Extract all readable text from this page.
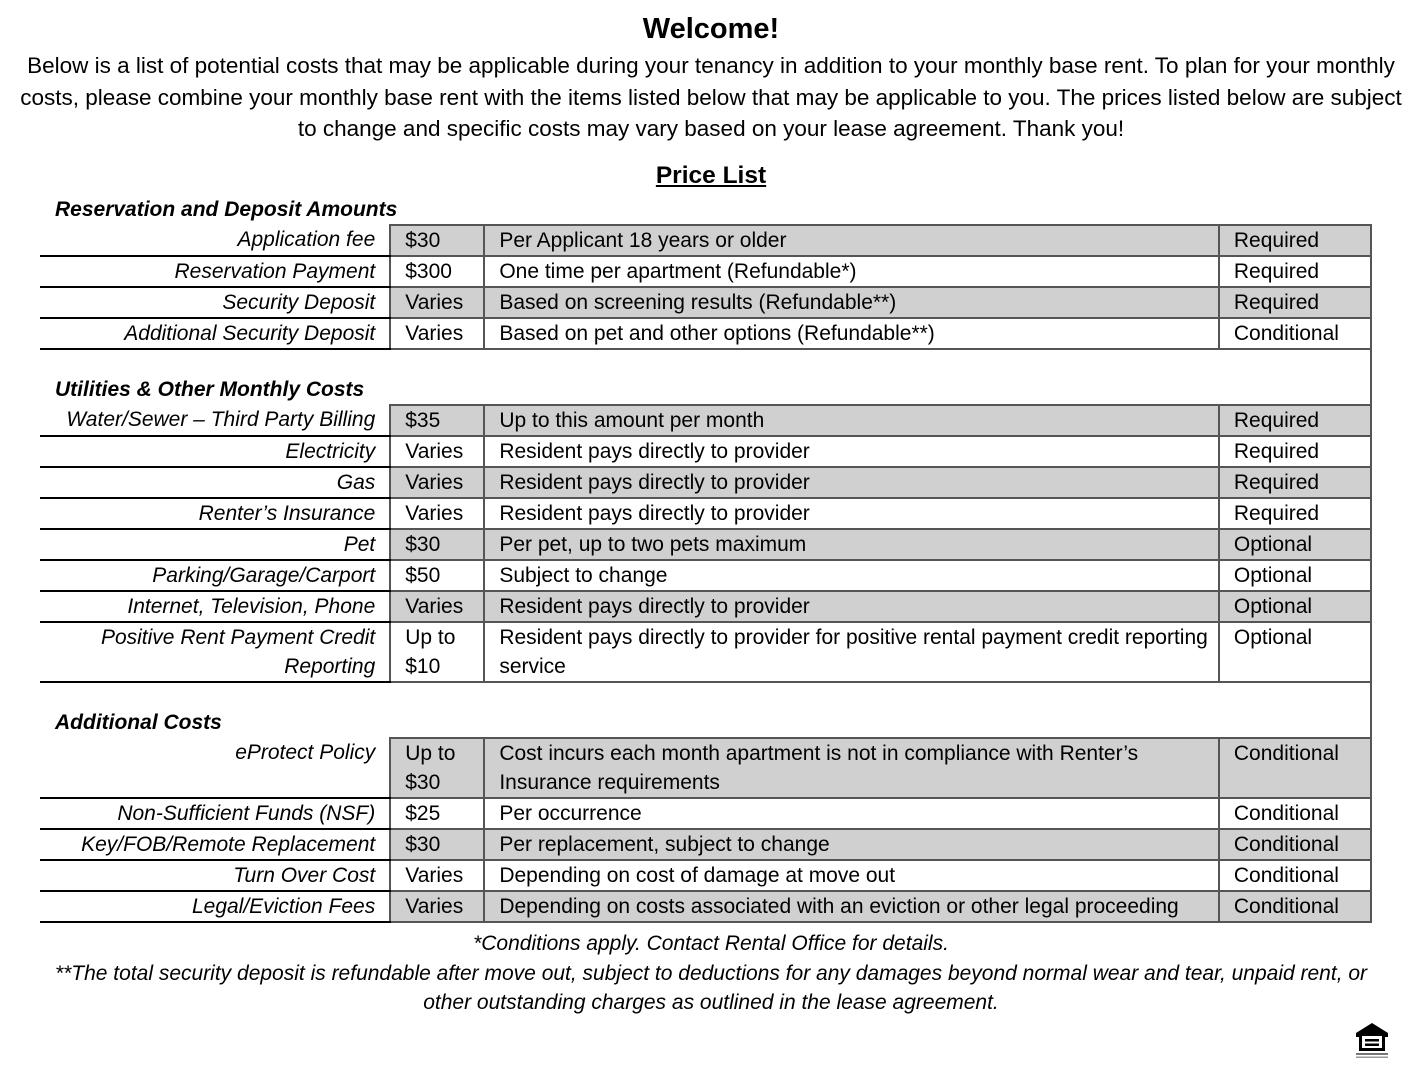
Welcome!

Below is a list of potential costs that may be applicable during your tenancy in addition to your monthly base rent. To plan for your monthly costs, please combine your monthly base rent with the items listed below that may be applicable to you. The prices listed below are subject to change and specific costs may vary based on your lease agreement. Thank you!

Price List
Reservation and Deposit Amounts			
Application fee	$30	Per Applicant 18 years or older	Required
Reservation Payment	$300	One time per apartment (Refundable*)	Required
Security Deposit	Varies	Based on screening results (Refundable**)	Required
Additional Security Deposit	Varies	Based on pet and other options (Refundable**)	Conditional

Utilities & Other Monthly Costs			
Water/Sewer – Third Party Billing	$35	Up to this amount per month	Required
Electricity	Varies	Resident pays directly to provider	Required
Gas	Varies	Resident pays directly to provider	Required
Renter’s Insurance	Varies	Resident pays directly to provider	Required
Pet	$30	Per pet, up to two pets maximum	Optional
Parking/Garage/Carport	$50	Subject to change	Optional
Internet, Television, Phone	Varies	Resident pays directly to provider	Optional
Positive Rent Payment Credit Reporting	Up to $10	Resident pays directly to provider for positive rental payment credit reporting service	Optional

Additional Costs			
eProtect Policy	Up to $30	Cost incurs each month apartment is not in compliance with Renter’s Insurance requirements	Conditional
Non-Sufficient Funds (NSF)	$25	Per occurrence	Conditional
Key/FOB/Remote Replacement	$30	Per replacement, subject to change	Conditional
Turn Over Cost	Varies	Depending on cost of damage at move out	Conditional
Legal/Eviction Fees	Varies	Depending on costs associated with an eviction or other legal proceeding	Conditional

*Conditions apply. Contact Rental Office for details.

**The total security deposit is refundable after move out, subject to deductions for any damages beyond normal wear and tear, unpaid rent, or other outstanding charges as outlined in the lease agreement.
